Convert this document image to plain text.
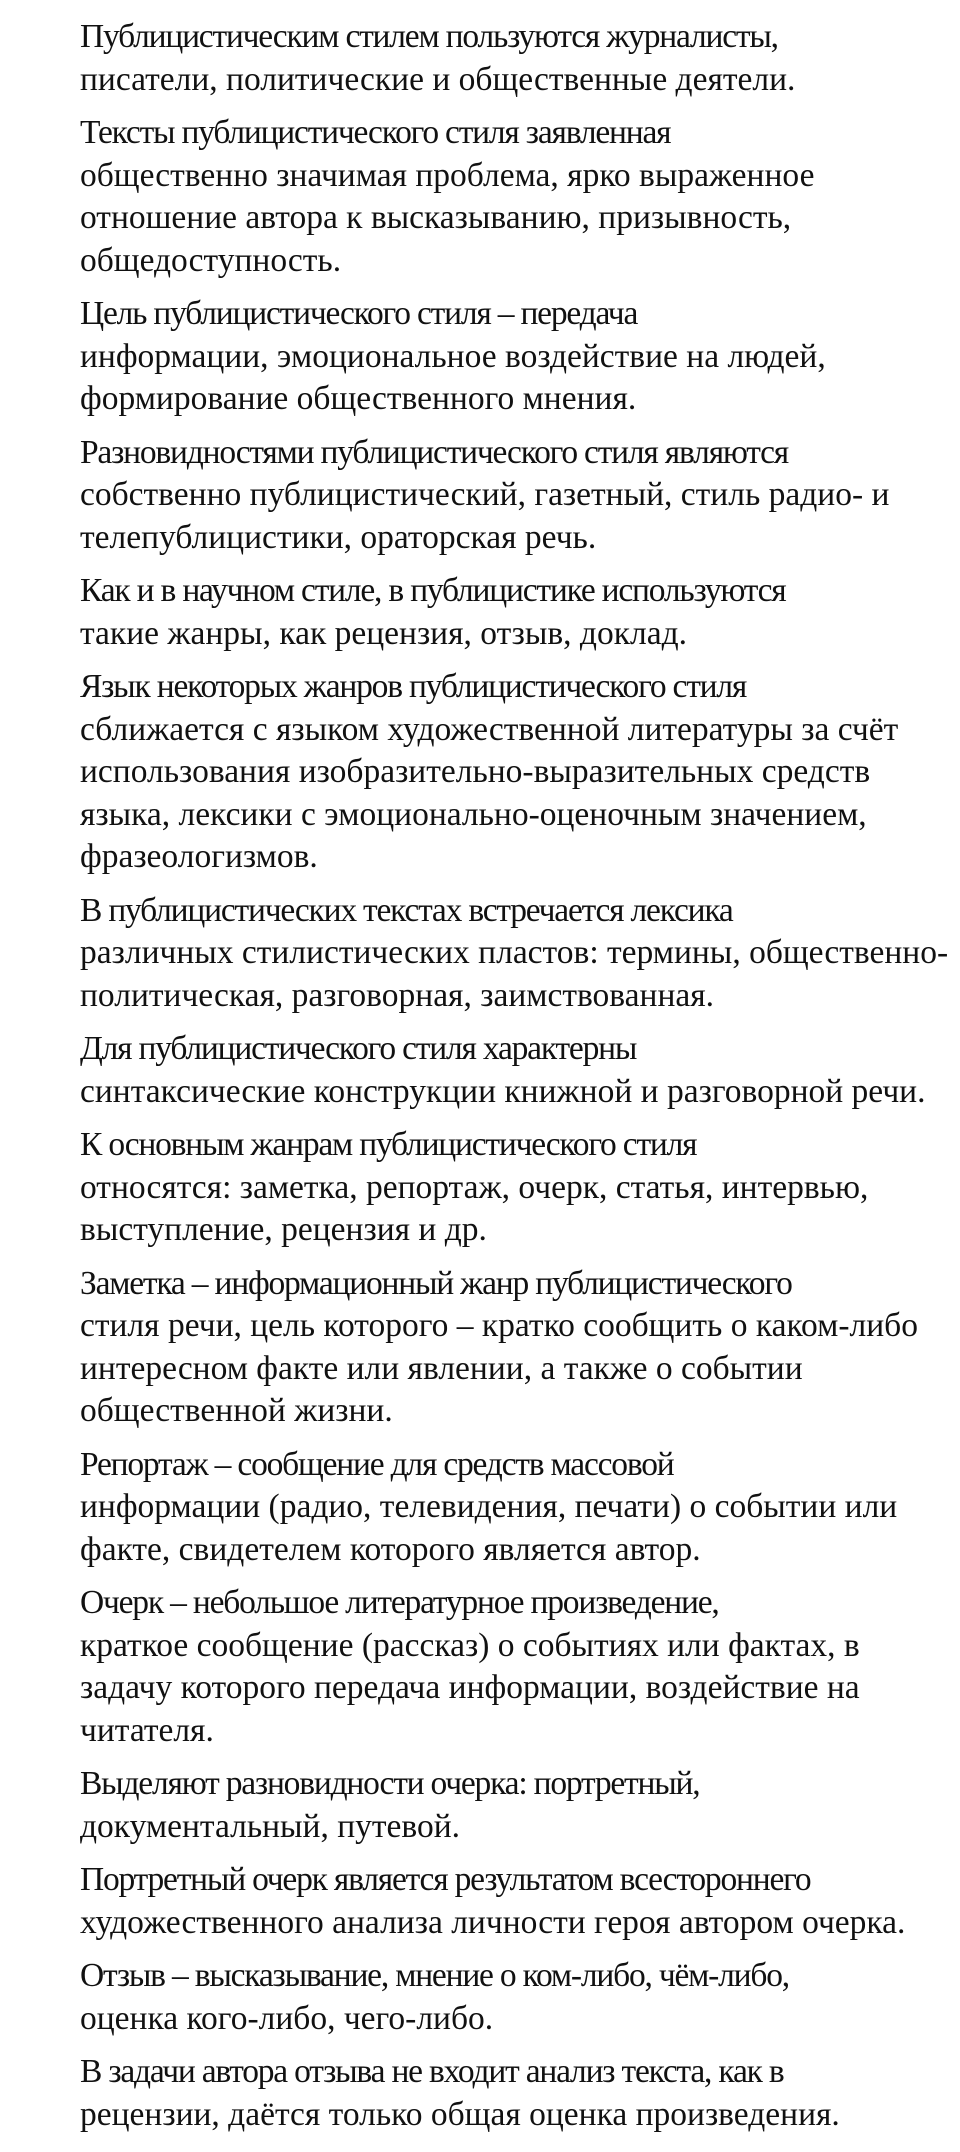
Публицистическим стилем пользуются журналисты,
писатели, политические и общественные деятели.

Тексты публицистического стиля заявленная
общественно значимая проблема, ярко выраженное
отношение автора к высказыванию, призывность,
общедоступность.

Цель публицистического стиля – передача
информации, эмоциональное воздействие на людей,
формирование общественного мнения.

Разновидностями публицистического стиля являются
собственно публицистический, газетный, стиль радио- и
телепублицистики, ораторская речь.

Как и в научном стиле, в публицистике используются
такие жанры, как рецензия, отзыв, доклад.

Язык некоторых жанров публицистического стиля
сближается с языком художественной литературы за счёт
использования изобразительно-выразительных средств
языка, лексики с эмоционально-оценочным значением,
фразеологизмов.

В публицистических текстах встречается лексика
различных стилистических пластов: термины, общественно-
политическая, разговорная, заимствованная.

Для публицистического стиля характерны
синтаксические конструкции книжной и разговорной речи.

К основным жанрам публицистического стиля
относятся: заметка, репортаж, очерк, статья, интервью,
выступление, рецензия и др.

Заметка – информационный жанр публицистического
стиля речи, цель которого – кратко сообщить о каком-либо
интересном факте или явлении, а также о событии
общественной жизни.

Репортаж – сообщение для средств массовой
информации (радио, телевидения, печати) о событии или
факте, свидетелем которого является автор.

Очерк – небольшое литературное произведение,
краткое сообщение (рассказ) о событиях или фактах, в
задачу которого передача информации, воздействие на
читателя.

Выделяют разновидности очерка: портретный,
документальный, путевой.

Портретный очерк является результатом всестороннего
художественного анализа личности героя автором очерка.

Отзыв – высказывание, мнение о ком-либо, чём-либо,
оценка кого-либо, чего-либо.

В задачи автора отзыва не входит анализ текста, как в
рецензии, даётся только общая оценка произведения.
